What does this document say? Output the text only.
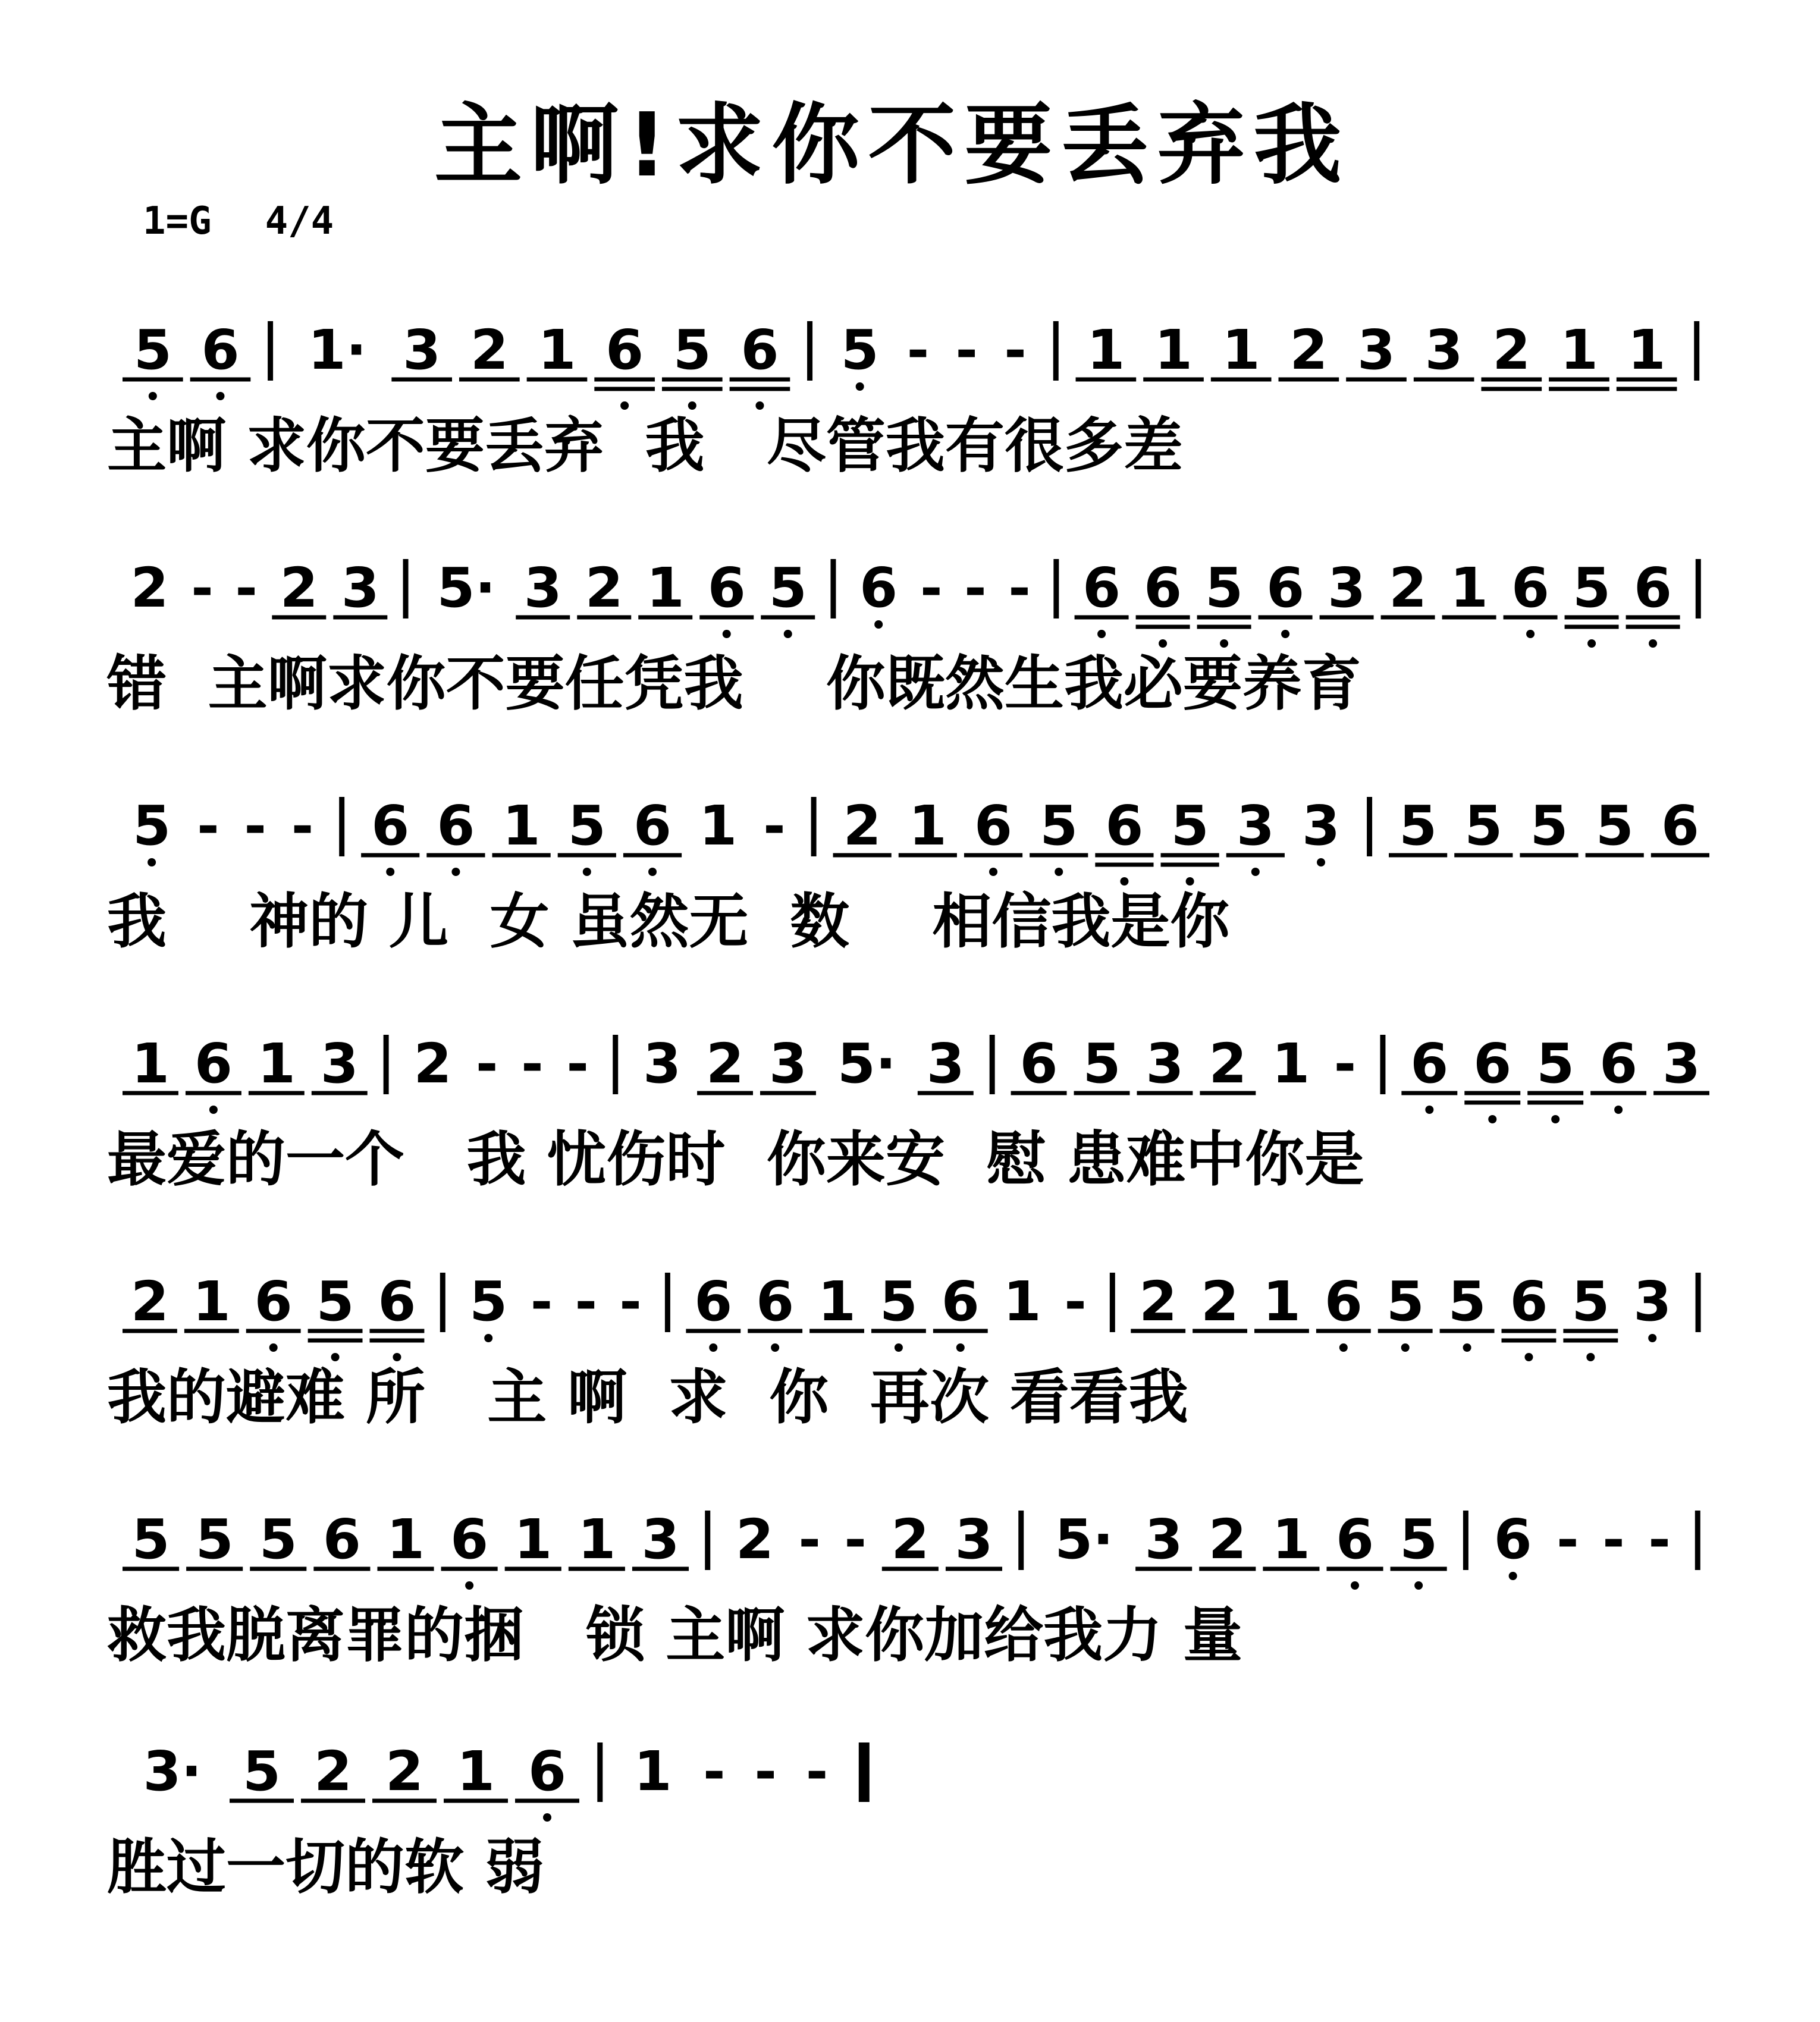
主啊!求你不要丢弃我
1=G 4/4
5 6 1· 3 2 1 6 5 6 5 - - - 1 1 1 2 3 3 2 1 1
2 - - 2 3 5· 3 2 1 6 5 6 - - - 6 6 5 6 3 2 1 6 5 6
5 - - - 6 6 1 5 6 1 - 2 1 6 5 6 5 3 3 5 5 5 5 6
1 6 1 3 2 - - - 3 2 3 5· 3 6 5 3 2 1 - 6 6 5 6 3
2 1 6 5 6 5 - - - 6 6 1 5 6 1 - 2 2 1 6 5 5 6 5 3
5 5 5 6 1 6 1 1 3 2 - - 2 3 5· 3 2 1 6 5 6 - - -
3· 5 2 2 1 6 1 - - -
主啊 求你不要丢弃  我   尽管我有很多差
错  主啊求你不要任凭我    你既然生我必要养育
我    神的 儿  女 虽然无  数    相信我是你
最爱的一个   我 忧伤时  你来安  慰 患难中你是
我的避难 所   主 啊  求  你  再次 看看我
救我脱离罪的捆   锁 主啊 求你加给我力 量
胜过一切的软 弱
